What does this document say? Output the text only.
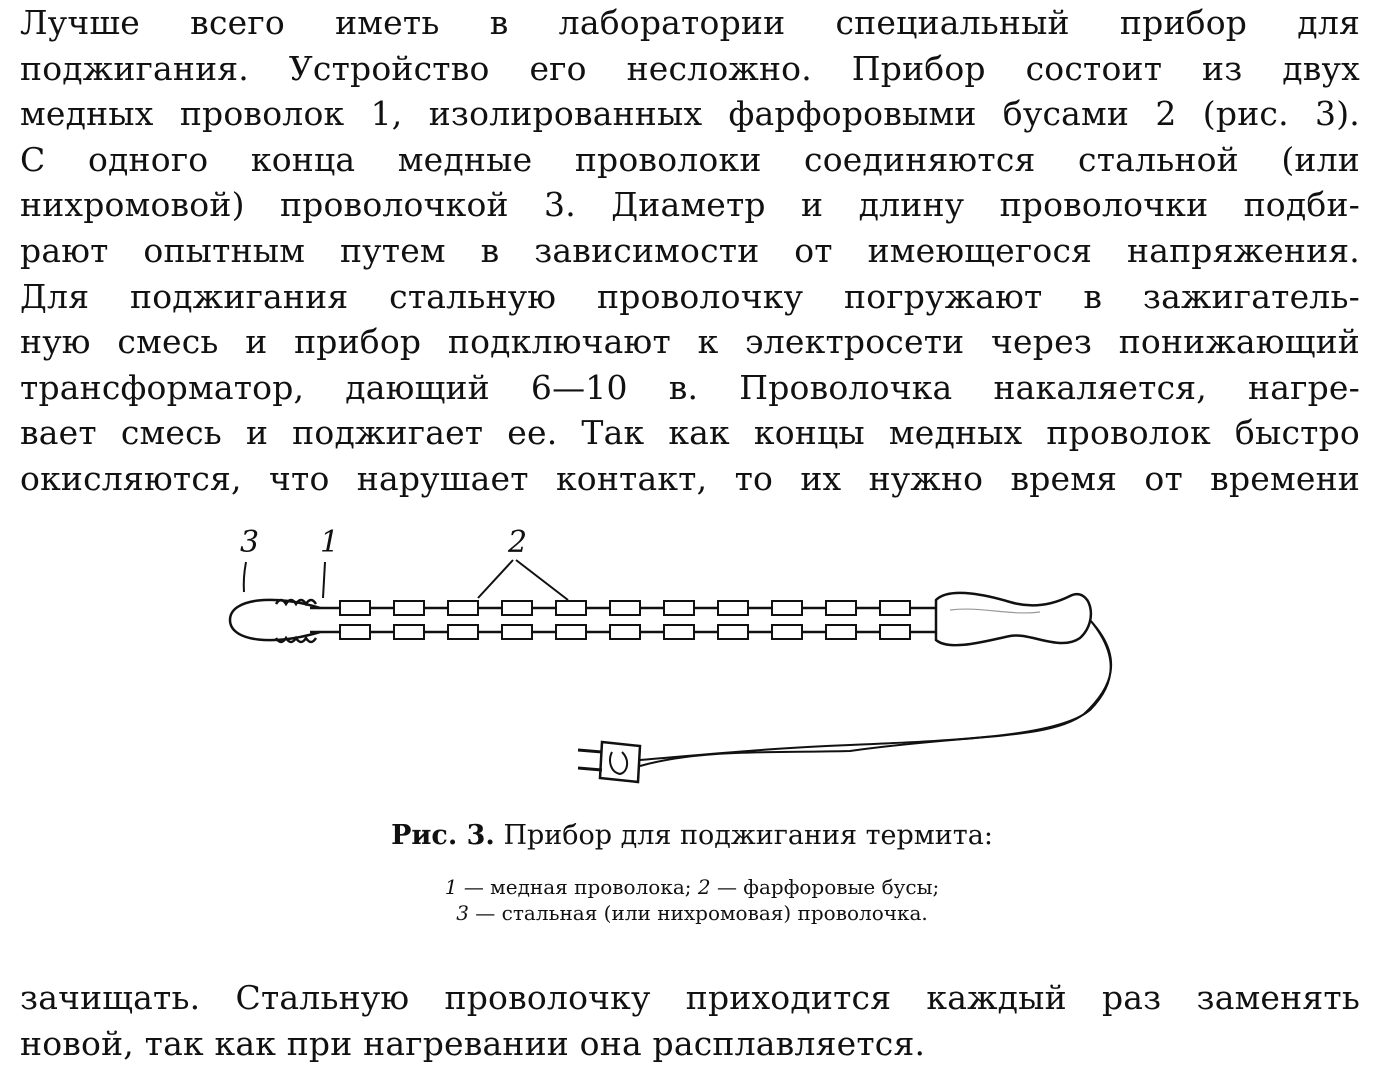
Лучше всего иметь в лаборатории специальный прибор для
поджигания. Устройство его несложно. Прибор состоит из двух
медных проволок 1, изолированных фарфоровыми бусами 2 (рис. 3).
С одного конца медные проволоки соединяются стальной (или
нихромовой) проволочкой 3. Диаметр и длину проволочки подби-
рают опытным путем в зависимости от имеющегося напряжения.
Для поджигания стальную проволочку погружают в зажигатель-
ную смесь и прибор подключают к электросети через понижающий
трансформатор, дающий 6—10 в. Проволочка накаляется, нагре-
вает смесь и поджигает ее. Так как концы медных проволок быстро
окисляются, что нарушает контакт, то их нужно время от времени
3 1	2

Рис. 3. Прибор для поджигания термита:

1 — медная проволока; 2 — фарфоровые бусы;

3 — стальная (или нихромовая) проволочка.

зачищать. Стальную проволочку приходится каждый раз заменять
новой, так как при нагревании она расплавляется.
